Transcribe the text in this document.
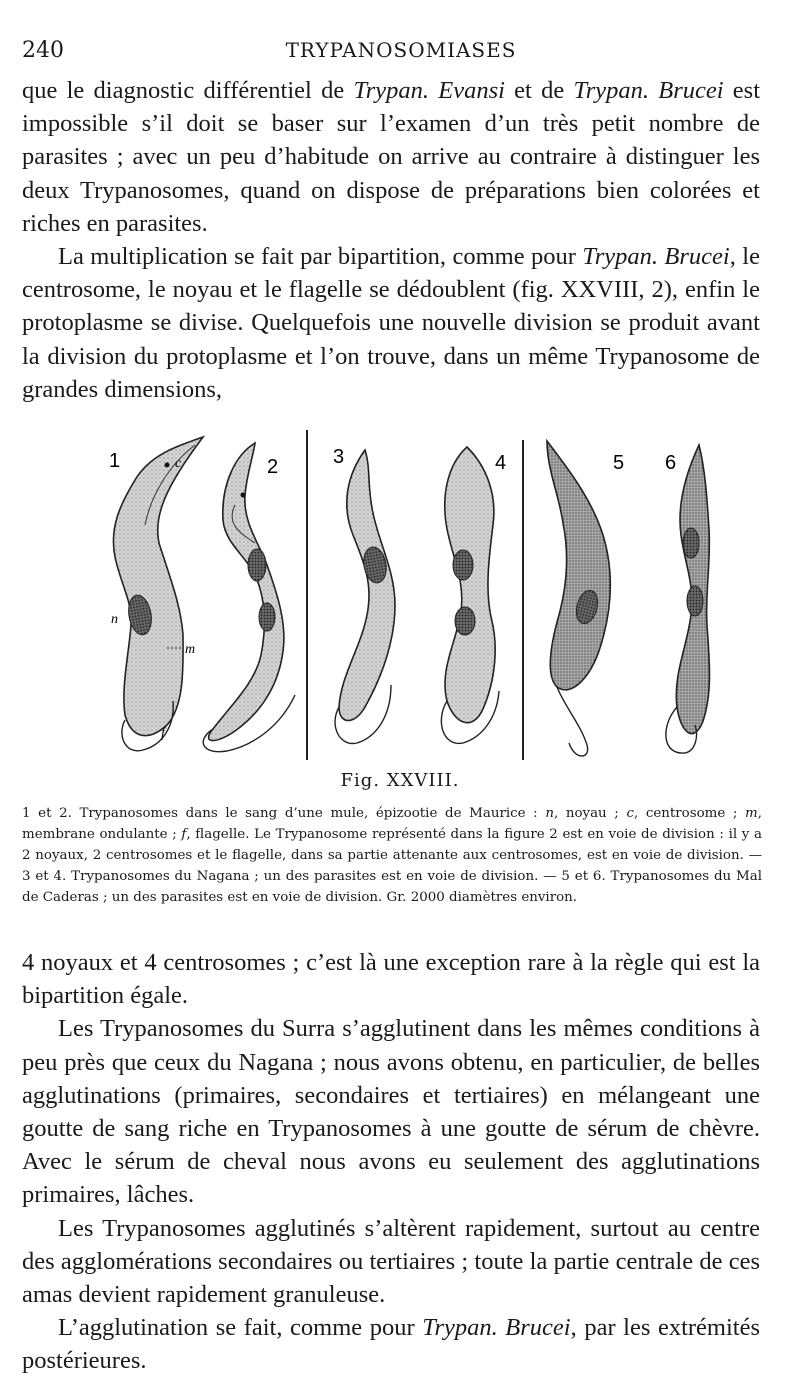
240	TRYPANOSOMIASES

que le diagnostic différentiel de Trypan. Evansi et de Trypan. Brucei est impossible s’il doit se baser sur l’examen d’un très petit nombre de parasites ; avec un peu d’habitude on arrive au contraire à distinguer les deux Trypanosomes, quand on dispose de préparations bien colorées et riches en parasites.

La multiplication se fait par bipartition, comme pour Trypan. Brucei, le centrosome, le noyau et le flagelle se dédoublent (fig. XXVIII, 2), enfin le protoplasme se divise. Quelquefois une nouvelle division se produit avant la division du protoplasme et l’on trouve, dans un même Trypanosome de grandes dimensions,

1	c
n
m
f
2	3	4	5 6
Fig. XXVIII.

1 et 2. Trypanosomes dans le sang d’une mule, épizootie de Maurice : n, noyau ; c, centrosome ; m, membrane ondulante ; f, flagelle. Le Trypanosome représenté dans la figure 2 est en voie de division : il y a 2 noyaux, 2 centrosomes et le flagelle, dans sa partie attenante aux centrosomes, est en voie de division. — 3 et 4. Trypanosomes du Nagana ; un des parasites est en voie de division. — 5 et 6. Trypanosomes du Mal de Caderas ; un des parasites est en voie de division. Gr. 2000 diamètres environ.

4 noyaux et 4 centrosomes ; c’est là une exception rare à la règle qui est la bipartition égale.

Les Trypanosomes du Surra s’agglutinent dans les mêmes conditions à peu près que ceux du Nagana ; nous avons obtenu, en particulier, de belles agglutinations (primaires, secondaires et tertiaires) en mélangeant une goutte de sang riche en Trypanosomes à une goutte de sérum de chèvre. Avec le sérum de cheval nous avons eu seulement des agglutinations primaires, lâches.

Les Trypanosomes agglutinés s’altèrent rapidement, surtout au centre des agglomérations secondaires ou tertiaires ; toute la partie centrale de ces amas devient rapidement granuleuse.

L’agglutination se fait, comme pour Trypan. Brucei, par les extrémités postérieures.
